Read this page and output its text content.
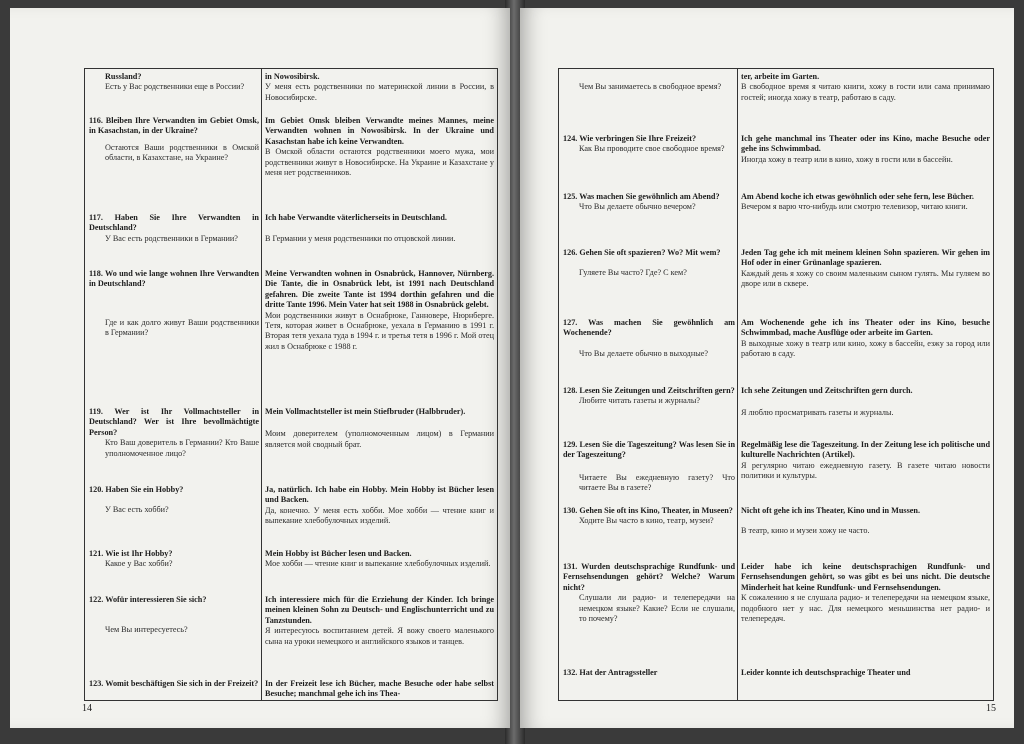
Russland?
Есть у Вас родственники еще в России?
in Nowosibirsk.
У меня есть родственники по материнской линии в России, в Новосибирске.
116. Bleiben Ihre Verwandten im Gebiet Omsk, in Kasachstan, in der Ukraine?
Остаются Ваши родственники в Омской области, в Казахстане, на Украине?
Im Gebiet Omsk bleiben Verwandte meines Mannes, meine Verwandten wohnen in Nowosibirsk. In der Ukraine und Kasachstan habe ich keine Verwandten.
В Омской области остаются родственники моего мужа, мои родственники живут в Новосибирске. На Украине и Казахстане у меня нет родственников.
117. Haben Sie Ihre Verwandten in Deutschland?
У Вас есть родственники в Германии?
Ich habe Verwandte väterlicherseits in Deutschland.
В Германии у меня родственники по отцовской линии.
118. Wo und wie lange wohnen Ihre Verwandten in Deutschland?
Где и как долго живут Ваши родственники в Германии?
Meine Verwandten wohnen in Osnabrück, Hannover, Nürnberg. Die Tante, die in Osnabrück lebt, ist 1991 nach Deutschland gefahren. Die zweite Tante ist 1994 dorthin gefahren und die dritte Tante 1996. Mein Vater hat seit 1988 in Osnabrück gelebt.
Мои родственники живут в Оснабрюке, Ганновере, Нюрнберге. Тетя, которая живет в Оснабрюке, уехала в Германию в 1991 г. Вторая тетя уехала туда в 1994 г. и третья тетя в 1996 г. Мой отец жил в Оснабрюке с 1988 г.
119. Wer ist Ihr Vollmachtsteller in Deutschland? Wer ist Ihre bevollmächtigte Person?
Кто Ваш доверитель в Германии? Кто Ваше уполномоченное лицо?
Mein Vollmachtsteller ist mein Stiefbruder (Halbbruder).
Моим доверителем (уполномоченным лицом) в Германии является мой сводный брат.
120. Haben Sie ein Hobby?
У Вас есть хобби?
Ja, natürlich. Ich habe ein Hobby. Mein Hobby ist Bücher lesen und Backen.
Да, конечно. У меня есть хобби. Мое хобби — чтение книг и выпекание хлебобулочных изделий.
121. Wie ist Ihr Hobby?
Какое у Вас хобби?
Mein Hobby ist Bücher lesen und Backen.
Мое хобби — чтение книг и выпекание хлебобулочных изделий.
122. Wofür interessieren Sie sich?
Чем Вы интересуетесь?
Ich interessiere mich für die Erziehung der Kinder. Ich bringe meinen kleinen Sohn zu Deutsch- und Englischunterricht und zu Tanzstunden.
Я интересуюсь воспитанием детей. Я вожу своего маленького сына на уроки немецкого и английского языков и танцев.
123. Womit beschäftigen Sie sich in der Freizeit? In der Freizeit lese ich Bücher, mache Besuche oder habe selbst Besuche; manchmal gehe ich ins Thea-
14
Чем Вы занимаетесь в свободное время?
ter, arbeite im Garten.
В свободное время я читаю книги, хожу в гости или сама принимаю гостей; иногда хожу в театр, работаю в саду.
124. Wie verbringen Sie Ihre Freizeit?
Как Вы проводите свое свободное время?
Ich gehe manchmal ins Theater oder ins Kino, mache Besuche oder gehe ins Schwimmbad.
Иногда хожу в театр или в кино, хожу в гости или в бассейн.
125. Was machen Sie gewöhnlich am Abend?
Что Вы делаете обычно вечером?
Am Abend koche ich etwas gewöhnlich oder sehe fern, lese Bücher.
Вечером я варю что-нибудь или смотрю телевизор, читаю книги.
126. Gehen Sie oft spazieren? Wo? Mit wem?
Гуляете Вы часто? Где? С кем?
Jeden Tag gehe ich mit meinem kleinen Sohn spazieren. Wir gehen im Hof oder in einer Grünanlage spazieren.
Каждый день я хожу со своим маленьким сыном гулять. Мы гуляем во дворе или в сквере.
127. Was machen Sie gewöhnlich am Wochenende?
Что Вы делаете обычно в выходные?
Am Wochenende gehe ich ins Theater oder ins Kino, besuche Schwimmbad, mache Ausflüge oder arbeite im Garten.
В выходные хожу в театр или кино, хожу в бассейн, езжу за город или работаю в саду.
128. Lesen Sie Zeitungen und Zeitschriften gern?
Любите читать газеты и журналы?
Ich sehe Zeitungen und Zeitschriften gern durch.
Я люблю просматривать газеты и журналы.
129. Lesen Sie die Tageszeitung? Was lesen Sie in der Tageszeitung?
Читаете Вы ежедневную газету? Что читаете Вы в газете?
Regelmäßig lese die Tageszeitung. In der Zeitung lese ich politische und kulturelle Nachrichten (Artikel).
Я регулярно читаю ежедневную газету. В газете читаю новости политики и культуры.
130. Gehen Sie oft ins Kino, Theater, in Museen?
Ходите Вы часто в кино, театр, музеи?
Nicht oft gehe ich ins Theater, Kino und in Mussen.
В театр, кино и музеи хожу не часто.
131. Wurden deutschsprachige Rundfunk- und Fernsehsendungen gehört? Welche? Warum nicht?
Слушали ли радио- и телепередачи на немецком языке? Какие? Если не слушали, то почему?
Leider habe ich keine deutschsprachigen Rundfunk- und Fernsehsendungen gehört, so was gibt es bei uns nicht. Die deutsche Minderheit hat keine Rundfunk- und Fernsehsendungen.
К сожалению я не слушала радио- и телепередачи на немецком языке, подобного нет у нас. Для немецкого меньшинства нет радио- и телепередач.
132. Hat der Antragssteller	Leider konnte ich deutschsprachige Theater und
15
